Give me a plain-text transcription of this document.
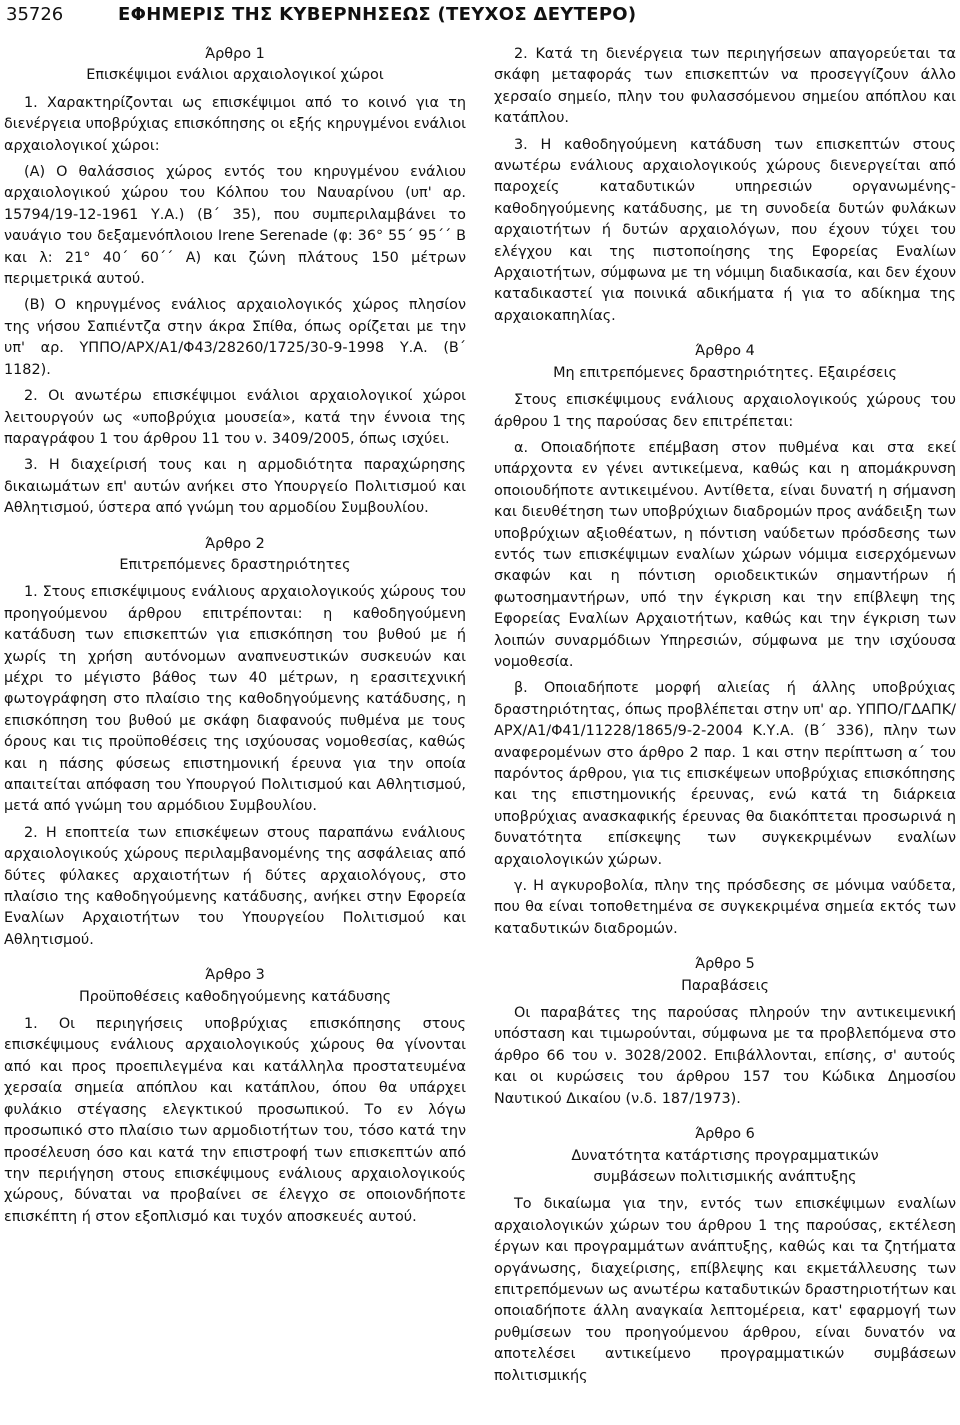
35726	ΕΦΗΜΕΡΙΣ ΤΗΣ ΚΥΒΕΡΝΗΣΕΩΣ (ΤΕΥΧΟΣ ΔΕΥΤΕΡΟ)
Άρθρο 1
Επισκέψιμοι ενάλιοι αρχαιολογικοί χώροι

1. Χαρακτηρίζονται ως επισκέψιμοι από το κοινό για τη διενέργεια υποβρύχιας επισκόπησης οι εξής κηρυγμένοι ενάλιοι αρχαιολογικοί χώροι:

(Α) Ο θαλάσσιος χώρος εντός του κηρυγμένου ενάλιου αρχαιολογικού χώρου του Κόλπου του Ναυαρίνου (υπ' αρ. 15794/19-12-1961 Υ.Α.) (Β΄ 35), που συμπεριλαμβάνει το ναυάγιο του δεξαμενόπλοιου Irene Serenade (φ: 36° 55΄ 95΄΄ Β και λ: 21° 40΄ 60΄΄ Α) και ζώνη πλάτους 150 μέτρων περιμετρικά αυτού.

(Β) Ο κηρυγμένος ενάλιος αρχαιολογικός χώρος πλησίον της νήσου Σαπιέντζα στην άκρα Σπίθα, όπως ορίζεται με την υπ' αρ. ΥΠΠΟ/ΑΡΧ/Α1/Φ43/28260/1725/30-9-1998 Υ.Α. (Β΄ 1182).

2. Οι ανωτέρω επισκέψιμοι ενάλιοι αρχαιολογικοί χώροι λειτουργούν ως «υποβρύχια μουσεία», κατά την έννοια της παραγράφου 1 του άρθρου 11 του ν. 3409/2005, όπως ισχύει.

3. Η διαχείρισή τους και η αρμοδιότητα παραχώρησης δικαιωμάτων επ' αυτών ανήκει στο Υπουργείο Πολιτισμού και Αθλητισμού, ύστερα από γνώμη του αρμοδίου Συμβουλίου.

Άρθρο 2
Επιτρεπόμενες δραστηριότητες

1. Στους επισκέψιμους ενάλιους αρχαιολογικούς χώρους του προηγούμενου άρθρου επιτρέπονται: η καθοδηγούμενη κατάδυση των επισκεπτών για επισκόπηση του βυθού με ή χωρίς τη χρήση αυτόνομων αναπνευστικών συσκευών και μέχρι το μέγιστο βάθος των 40 μέτρων, η ερασιτεχνική φωτογράφηση στο πλαίσιο της καθοδηγούμενης κατάδυσης, η επισκόπηση του βυθού με σκάφη διαφανούς πυθμένα με τους όρους και τις προϋποθέσεις της ισχύουσας νομοθεσίας, καθώς και η πάσης φύσεως επιστημονική έρευνα για την οποία απαιτείται απόφαση του Υπουργού Πολιτισμού και Αθλητισμού, μετά από γνώμη του αρμόδιου Συμβουλίου.

2. Η εποπτεία των επισκέψεων στους παραπάνω ενάλιους αρχαιολογικούς χώρους περιλαμβανομένης της ασφάλειας από δύτες φύλακες αρχαιοτήτων ή δύτες αρχαιολόγους, στο πλαίσιο της καθοδηγούμενης κατάδυσης, ανήκει στην Εφορεία Εναλίων Αρχαιοτήτων του Υπουργείου Πολιτισμού και Αθλητισμού.

Άρθρο 3
Προϋποθέσεις καθοδηγούμενης κατάδυσης

1. Οι περιηγήσεις υποβρύχιας επισκόπησης στους επισκέψιμους ενάλιους αρχαιολογικούς χώρους θα γίνονται από και προς προεπιλεγμένα και κατάλληλα προστατευμένα χερσαία σημεία απόπλου και κατάπλου, όπου θα υπάρχει φυλάκιο στέγασης ελεγκτικού προσωπικού. Το εν λόγω προσωπικό στο πλαίσιο των αρμοδιοτήτων του, τόσο κατά την προσέλευση όσο και κατά την επιστροφή των επισκεπτών από την περιήγηση στους επισκέψιμους ενάλιους αρχαιολογικούς χώρους, δύναται να προβαίνει σε έλεγχο σε οποιονδήποτε επισκέπτη ή στον εξοπλισμό και τυχόν αποσκευές αυτού.

2. Κατά τη διενέργεια των περιηγήσεων απαγορεύεται τα σκάφη μεταφοράς των επισκεπτών να προσεγγίζουν άλλο χερσαίο σημείο, πλην του φυλασσόμενου σημείου απόπλου και κατάπλου.

3. Η καθοδηγούμενη κατάδυση των επισκεπτών στους ανωτέρω ενάλιους αρχαιολογικούς χώρους διενεργείται από παροχείς καταδυτικών υπηρεσιών οργανωμένης-καθοδηγούμενης κατάδυσης, με τη συνοδεία δυτών φυλάκων αρχαιοτήτων ή δυτών αρχαιολόγων, που έχουν τύχει του ελέγχου και της πιστοποίησης της Εφορείας Εναλίων Αρχαιοτήτων, σύμφωνα με τη νόμιμη διαδικασία, και δεν έχουν καταδικαστεί για ποινικά αδικήματα ή για το αδίκημα της αρχαιοκαπηλίας.

Άρθρο 4
Μη επιτρεπόμενες δραστηριότητες. Εξαιρέσεις

Στους επισκέψιμους ενάλιους αρχαιολογικούς χώρους του άρθρου 1 της παρούσας δεν επιτρέπεται:

α. Οποιαδήποτε επέμβαση στον πυθμένα και στα εκεί υπάρχοντα εν γένει αντικείμενα, καθώς και η απομάκρυνση οποιουδήποτε αντικειμένου. Αντίθετα, είναι δυνατή η σήμανση και διευθέτηση των υποβρύχιων διαδρομών προς ανάδειξη των υποβρύχιων αξιοθέατων, η πόντιση ναύδετων πρόσδεσης των εντός των επισκέψιμων εναλίων χώρων νόμιμα εισερχόμενων σκαφών και η πόντιση οριοδεικτικών σημαντήρων ή φωτοσημαντήρων, υπό την έγκριση και την επίβλεψη της Εφορείας Εναλίων Αρχαιοτήτων, καθώς και την έγκριση των λοιπών συναρμόδιων Υπηρεσιών, σύμφωνα με την ισχύουσα νομοθεσία.

β. Οποιαδήποτε μορφή αλιείας ή άλλης υποβρύχιας δραστηριότητας, όπως προβλέπεται στην υπ' αρ. ΥΠΠΟ/ΓΔΑΠΚ/ΑΡΧ/Α1/Φ41/11228/1865/9-2-2004 Κ.Υ.Α. (Β΄ 336), πλην των αναφερομένων στο άρθρο 2 παρ. 1 και στην περίπτωση α΄ του παρόντος άρθρου, για τις επισκέψεων υποβρύχιας επισκόπησης και της επιστημονικής έρευνας, ενώ κατά τη διάρκεια υποβρύχιας ανασκαφικής έρευνας θα διακόπτεται προσωρινά η δυνατότητα επίσκεψης των συγκεκριμένων εναλίων αρχαιολογικών χώρων.

γ. Η αγκυροβολία, πλην της πρόσδεσης σε μόνιμα ναύδετα, που θα είναι τοποθετημένα σε συγκεκριμένα σημεία εκτός των καταδυτικών διαδρομών.

Άρθρο 5
Παραβάσεις

Οι παραβάτες της παρούσας πληρούν την αντικειμενική υπόσταση και τιμωρούνται, σύμφωνα με τα προβλεπόμενα στο άρθρο 66 του ν. 3028/2002. Επιβάλλονται, επίσης, σ' αυτούς και οι κυρώσεις του άρθρου 157 του Κώδικα Δημοσίου Ναυτικού Δικαίου (ν.δ. 187/1973).

Άρθρο 6
Δυνατότητα κατάρτισης προγραμματικών
συμβάσεων πολιτισμικής ανάπτυξης

Το δικαίωμα για την, εντός των επισκέψιμων εναλίων αρχαιολογικών χώρων του άρθρου 1 της παρούσας, εκτέλεση έργων και προγραμμάτων ανάπτυξης, καθώς και τα ζητήματα οργάνωσης, διαχείρισης, επίβλεψης και εκμετάλλευσης των επιτρεπόμενων ως ανωτέρω καταδυτικών δραστηριοτήτων και οποιαδήποτε άλλη αναγκαία λεπτομέρεια, κατ' εφαρμογή των ρυθμίσεων του προηγούμενου άρθρου, είναι δυνατόν να αποτελέσει αντικείμενο προγραμματικών συμβάσεων πολιτισμικής
